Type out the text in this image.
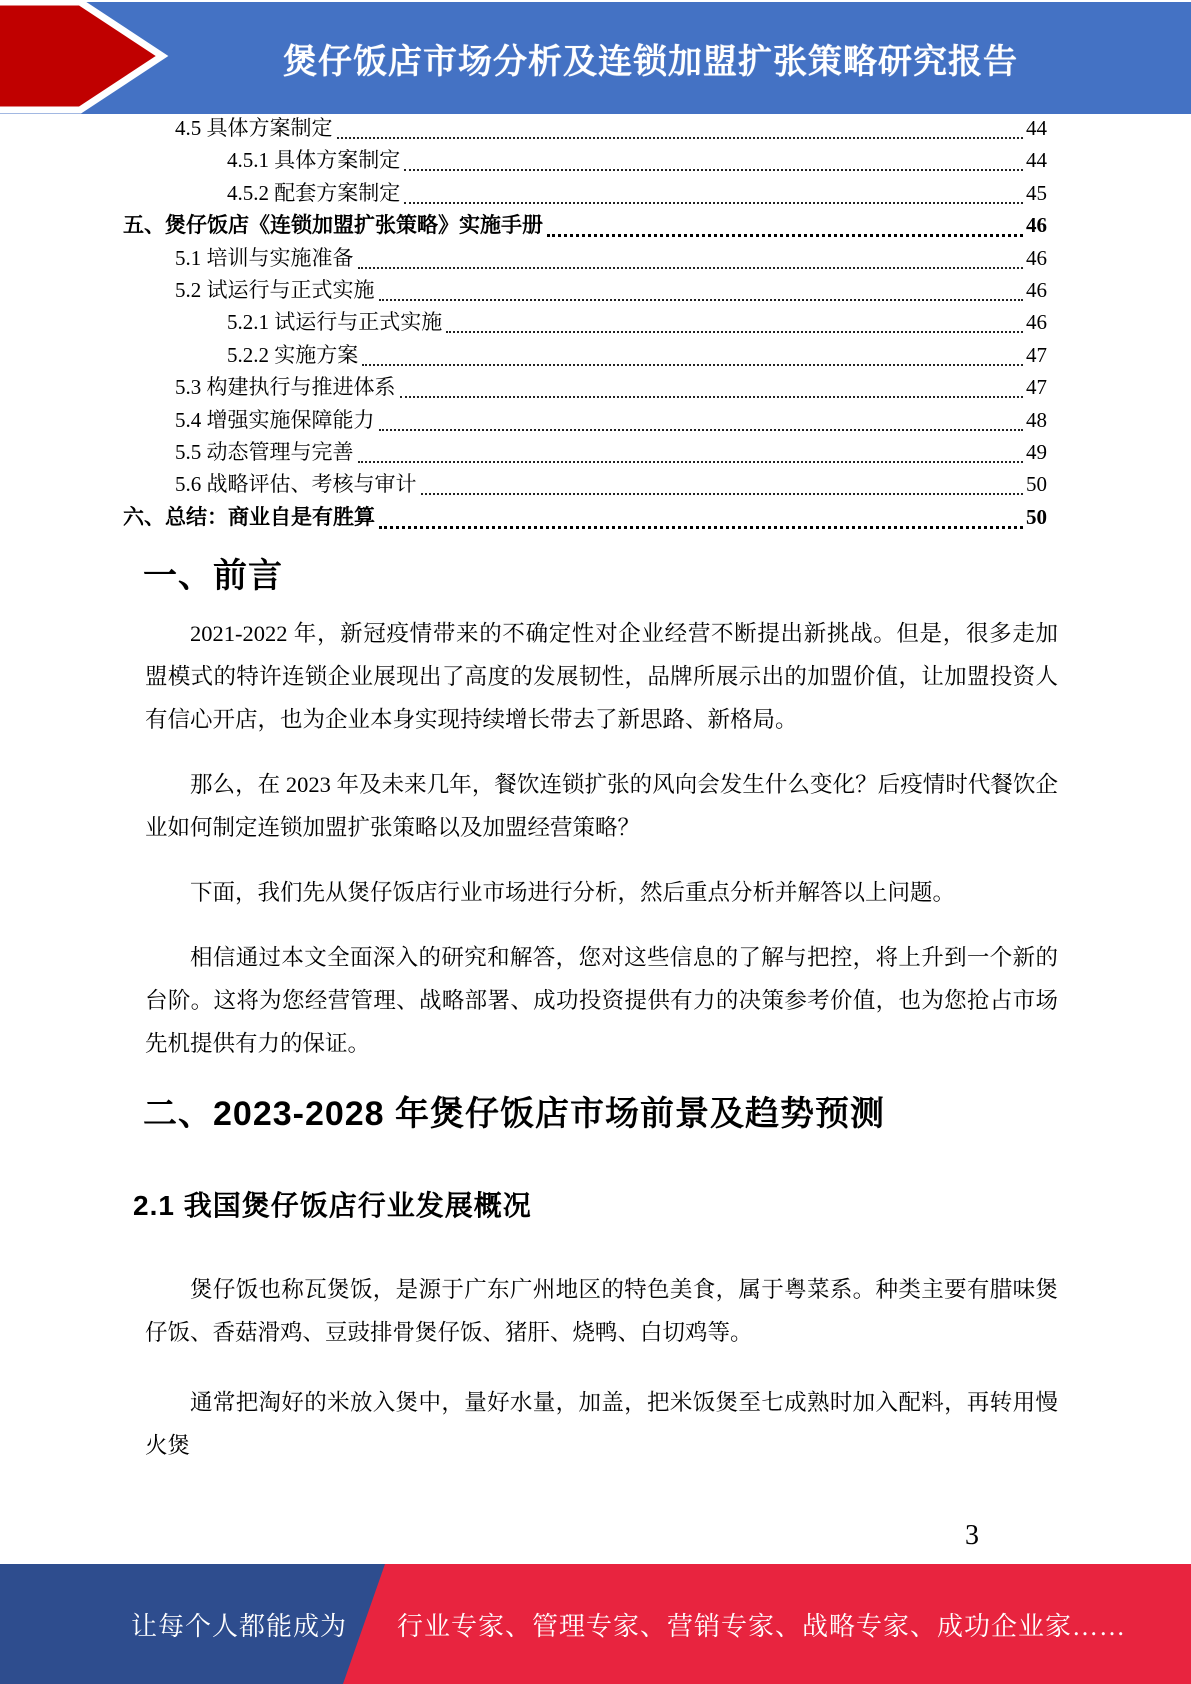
煲仔饭店市场分析及连锁加盟扩张策略研究报告
4.5 具体方案制定	44
4.5.1 具体方案制定	44
4.5.2 配套方案制定	45
五、煲仔饭店《连锁加盟扩张策略》实施手册	46
5.1 培训与实施准备	46
5.2 试运行与正式实施	46
5.2.1 试运行与正式实施	46
5.2.2 实施方案	47
5.3 构建执行与推进体系	47
5.4 增强实施保障能力	48
5.5 动态管理与完善	49
5.6 战略评估、考核与审计	50
六、总结：商业自是有胜算	50
一、前言

2021-2022 年，新冠疫情带来的不确定性对企业经营不断提出新挑战。但是，很多走加盟模式的特许连锁企业展现出了高度的发展韧性，品牌所展示出的加盟价值，让加盟投资人有信心开店，也为企业本身实现持续增长带去了新思路、新格局。

那么，在 2023 年及未来几年，餐饮连锁扩张的风向会发生什么变化？后疫情时代餐饮企业如何制定连锁加盟扩张策略以及加盟经营策略？

下面，我们先从煲仔饭店行业市场进行分析，然后重点分析并解答以上问题。

相信通过本文全面深入的研究和解答，您对这些信息的了解与把控，将上升到一个新的台阶。这将为您经营管理、战略部署、成功投资提供有力的决策参考价值，也为您抢占市场先机提供有力的保证。

二、2023-2028 年煲仔饭店市场前景及趋势预测
2.1 我国煲仔饭店行业发展概况

煲仔饭也称瓦煲饭，是源于广东广州地区的特色美食，属于粤菜系。种类主要有腊味煲仔饭、香菇滑鸡、豆豉排骨煲仔饭、猪肝、烧鸭、白切鸡等。

通常把淘好的米放入煲中，量好水量，加盖，把米饭煲至七成熟时加入配料，再转用慢火煲

3
让每个人都能成为 行业专家、管理专家、营销专家、战略专家、成功企业家……
